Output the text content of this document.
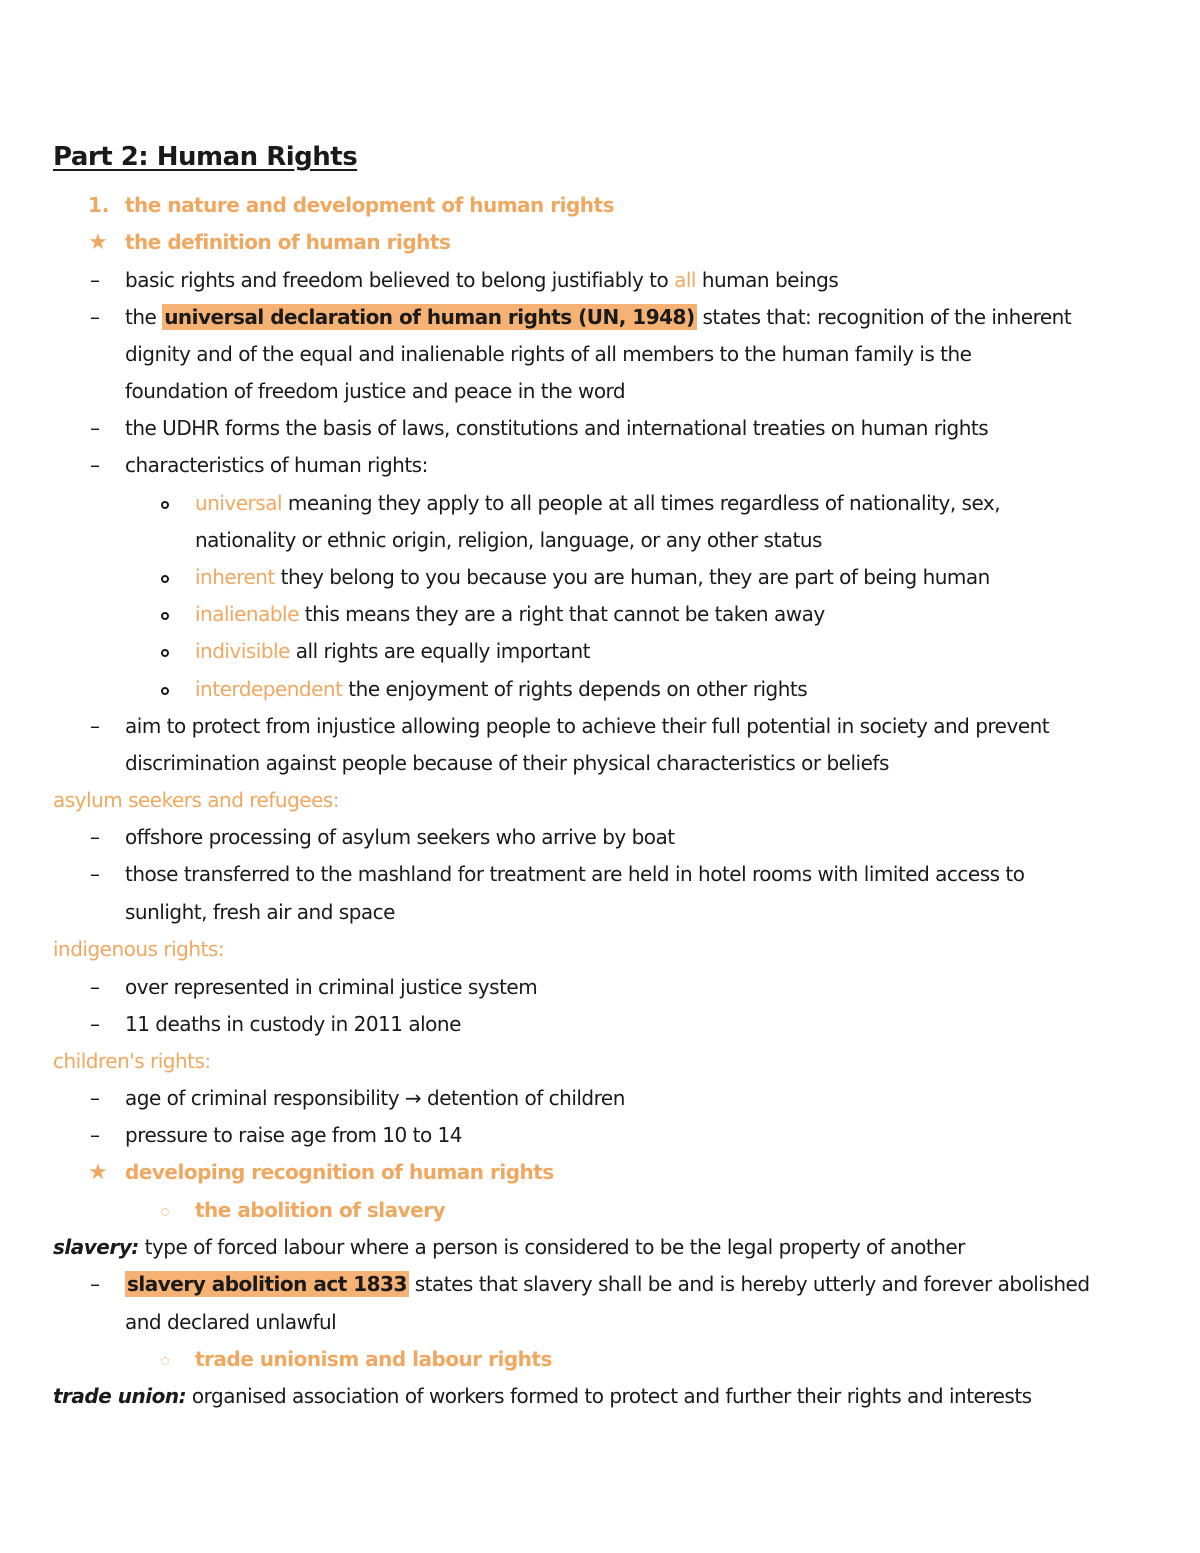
Part 2: Human Rights
1. the nature and development of human rights
★ the definition of human rights
– basic rights and freedom believed to belong justifiably to all human beings
– the universal declaration of human rights (UN, 1948) states that: recognition of the inherent
dignity and of the equal and inalienable rights of all members to the human family is the
foundation of freedom justice and peace in the word
– the UDHR forms the basis of laws, constitutions and international treaties on human rights
– characteristics of human rights:
universal meaning they apply to all people at all times regardless of nationality, sex,
nationality or ethnic origin, religion, language, or any other status
inherent they belong to you because you are human, they are part of being human
inalienable this means they are a right that cannot be taken away
indivisible all rights are equally important
interdependent the enjoyment of rights depends on other rights
– aim to protect from injustice allowing people to achieve their full potential in society and prevent
discrimination against people because of their physical characteristics or beliefs
asylum seekers and refugees:
– offshore processing of asylum seekers who arrive by boat
– those transferred to the mashland for treatment are held in hotel rooms with limited access to
sunlight, fresh air and space
indigenous rights:
– over represented in criminal justice system
– 11 deaths in custody in 2011 alone
children's rights:
– age of criminal responsibility → detention of children
– pressure to raise age from 10 to 14
★ developing recognition of human rights
the abolition of slavery
slavery: type of forced labour where a person is considered to be the legal property of another
– slavery abolition act 1833 states that slavery shall be and is hereby utterly and forever abolished
and declared unlawful
trade unionism and labour rights
trade union: organised association of workers formed to protect and further their rights and interests
